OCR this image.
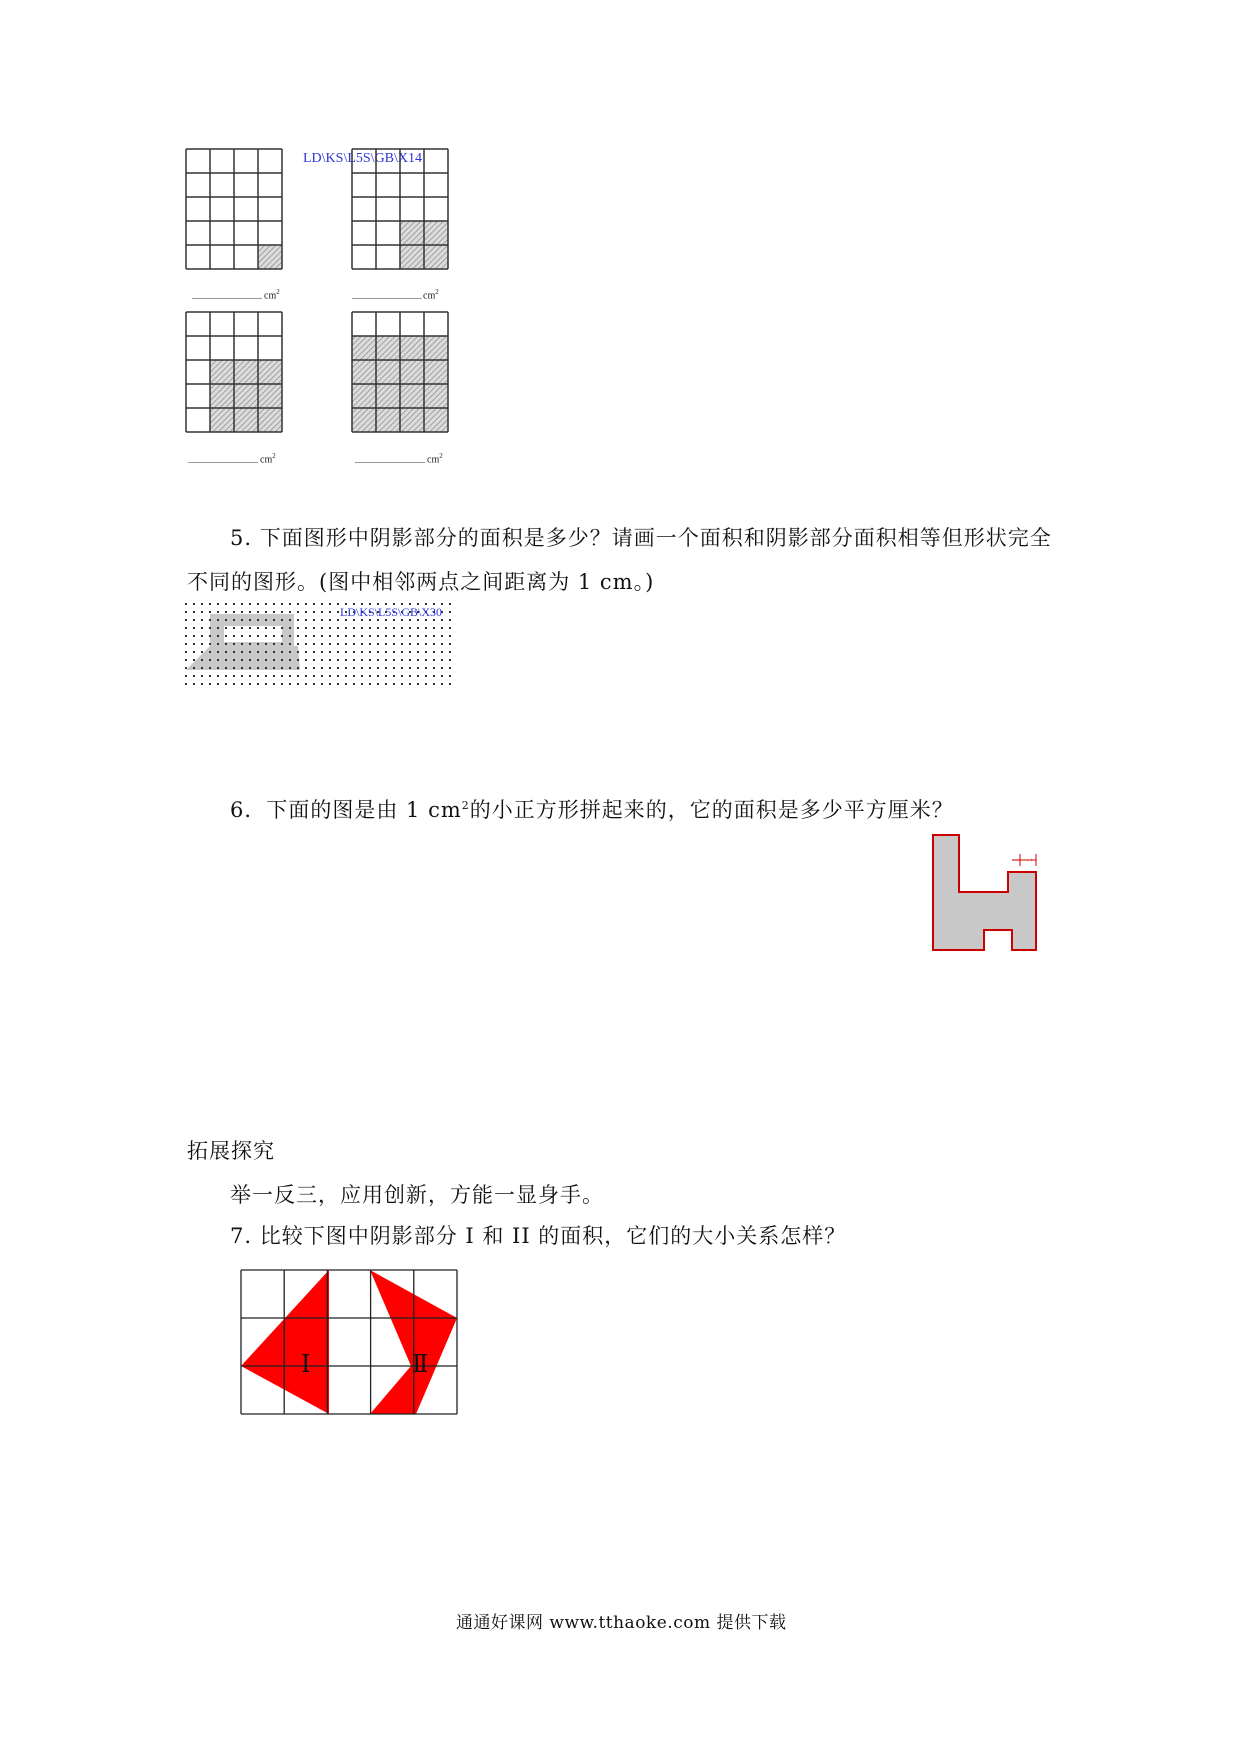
LD\KS\L5S\GB\X14
$cm^2$	$cm^2$
$cm^2$	$cm^2$
5. 下面图形中阴影部分的面积是多少？请画一个面积和阴影部分面积相等但形状完全
不同的图形。(图中相邻两点之间距离为 1 cm。)
LD\KS\L5S\GB\X30
6．下面的图是由 1 $cm^2$的小正方形拼起来的，它的面积是多少平方厘米？
1 1
拓展探究
举一反三，应用创新，方能一显身手。
7. 比较下图中阴影部分 I 和 II 的面积，它们的大小关系怎样？
Ⅰ	Ⅱ
通通好课网 www.tthaoke.com 提供下载
